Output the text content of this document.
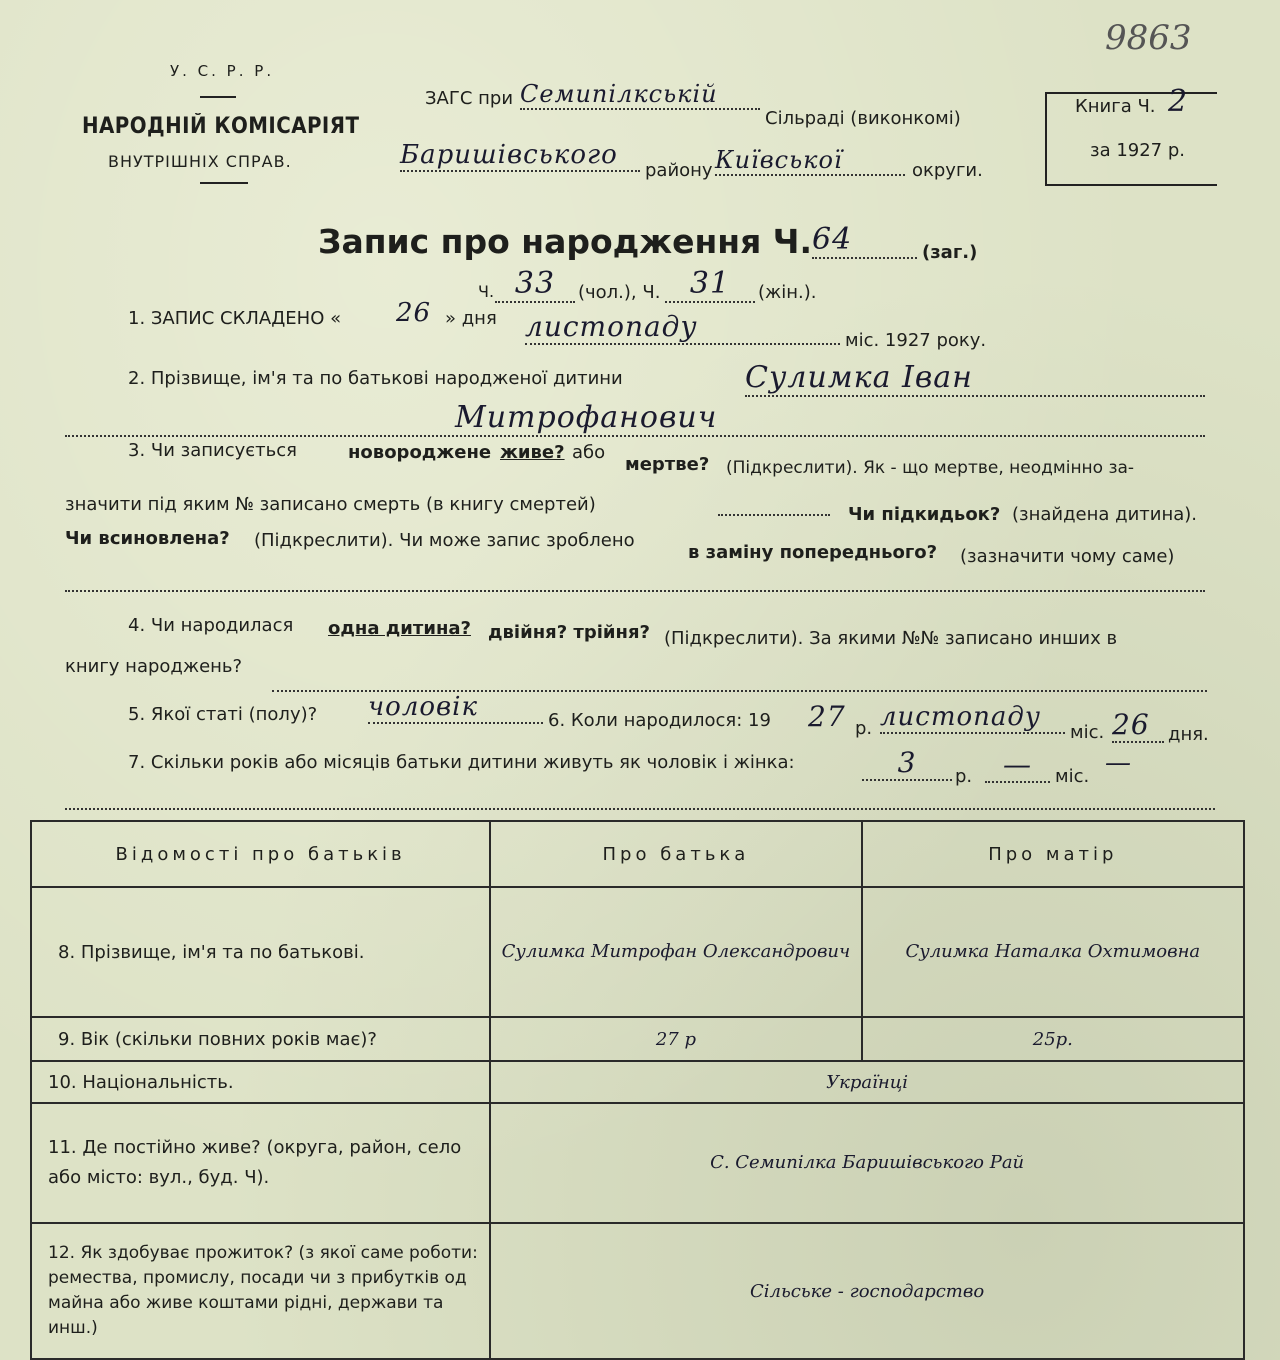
9863
У. С. Р. Р.
НАРОДНІЙ КОМІСАРІЯТ
ВНУТРІШНІХ СПРАВ.
ЗАГС при Семипілкській
Сільраді (виконкомі)
Баришівського
району Київської	округи.
Книга Ч. 2
за 1927 р.
Запис про народження Ч. 64	(заг.)
Ч. 33	(чол.), Ч. 31	(жін.).
1. ЗАПИС СКЛАДЕНО « 26 » дня листопаду	міс. 1927 року.
2. Прізвище, ім'я та по батькові народженої дитини	Сулимка Іван
Митрофанович
3. Чи записується	новороджене живе? або
мертве? (Підкреслити). Як - що мертве, неодмінно за-
значити під яким № записано смерть (в книгу смертей)	Чи підкидьок? (знайдена дитина).
Чи всиновлена? (Підкреслити). Чи може запис зроблено
в заміну попереднього? (зазначити чому саме)
4. Чи народилася одна дитина? двійня? трійня? (Підкреслити). За якими №№ записано инших в
книгу народжень?
5. Якої статі (полу)? чоловік	6. Коли народилося: 19 27 р. листопаду
міс. 26	дня.
7. Скільки років або місяців батьки дитини живуть як чоловік і жінка:	3	р.	—	міс. —
Відомості про батьків	Про батька	Про матір
8. Прізвище, ім'я та по батькові.	Сулимка Митрофан Олександрович	Сулимка Наталка Охтимовна
9. Вік (скільки повних років має)?	27 р	25р.
10. Національність.	Українці	
11. Де постійно живе? (округа, район, село або місто: вул., буд. Ч).	С. Семипілка Баришівського Рай	
12. Як здобуває прожиток? (з якої саме роботи: ремества, промислу, посади чи з прибутків од майна або живе коштами рідні, держави та инш.)	Сільське - господарство	
